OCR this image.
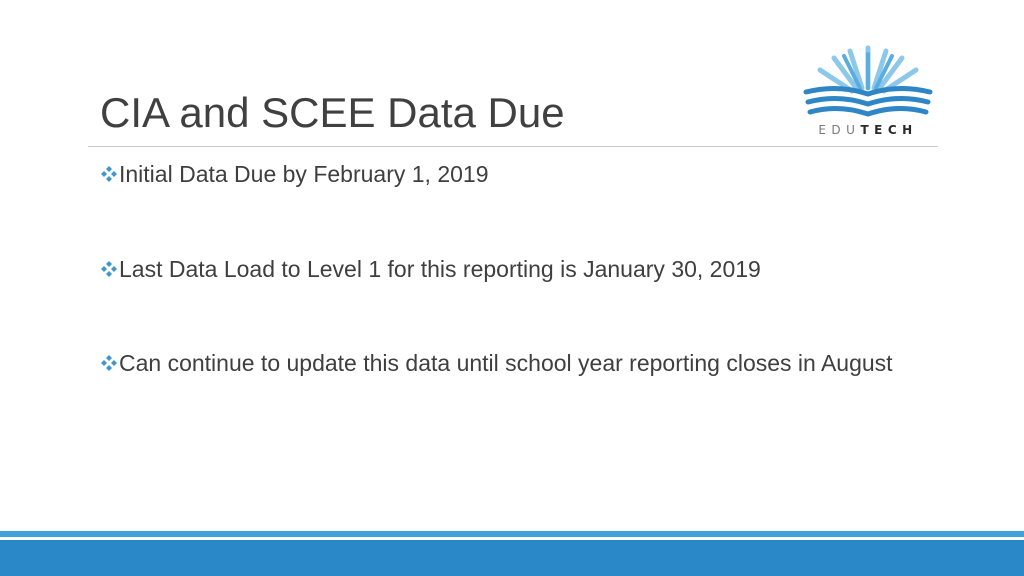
CIA and SCEE Data Due	EDUTECH
Initial Data Due by February 1, 2019
Last Data Load to Level 1 for this reporting is January 30, 2019
Can continue to update this data until school year reporting closes in August
